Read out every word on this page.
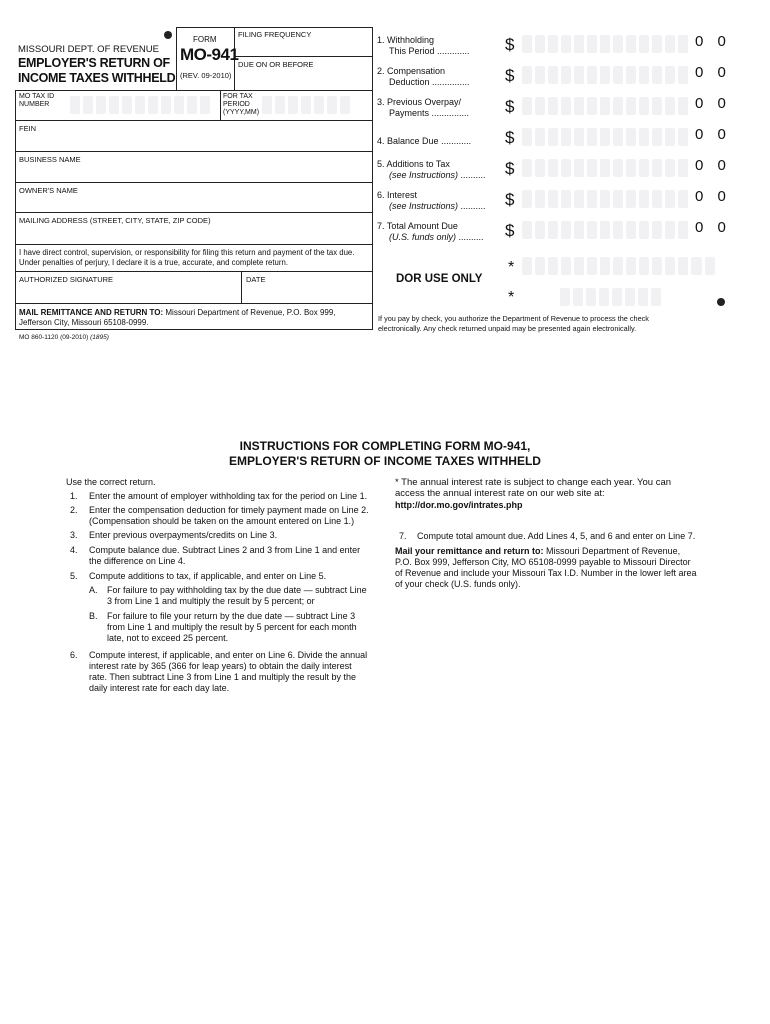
MISSOURI DEPT. OF REVENUE
EMPLOYER'S RETURN OF
INCOME TAXES WITHHELD
FORM
MO-941
(REV. 09-2010)
FILING FREQUENCY
DUE ON OR BEFORE
MO TAX ID
NUMBER
FOR TAX
PERIOD
(YYYY,MM)
FEIN
BUSINESS NAME
OWNER'S NAME
MAILING ADDRESS (STREET, CITY, STATE, ZIP CODE)
I have direct control, supervision, or responsibility for filing this return and payment of the tax due.
Under penalties of perjury, I declare it is a true, accurate, and complete return.
AUTHORIZED SIGNATURE	DATE
MAIL REMITTANCE AND RETURN TO: Missouri Department of Revenue, P.O. Box 999,
Jefferson City, Missouri 65108-0999.
MO 860-1120 (09-2010) (1895)
1. Withholding
This Period ............. $	0 0
2. Compensation
Deduction ............... $	0 0
3. Previous Overpay/
Payments ............... $	0 0
4. Balance Due ............ $	0 0
5. Additions to Tax
(see Instructions) .......... $	0 0
6. Interest
(see Instructions) .......... $	0 0
7. Total Amount Due
(U.S. funds only) .......... $	0 0
*
DOR USE ONLY
*
If you pay by check, you authorize the Department of Revenue to process the check
electronically. Any check returned unpaid may be presented again electronically.
INSTRUCTIONS FOR COMPLETING FORM MO-941,
EMPLOYER'S RETURN OF INCOME TAXES WITHHELD
Use the correct return.
1. Enter the amount of employer withholding tax for the period on Line 1.
2. Enter the compensation deduction for timely payment made on Line 2.
(Compensation should be taken on the amount entered on Line 1.)
3. Enter previous overpayments/credits on Line 3.
4. Compute balance due. Subtract Lines 2 and 3 from Line 1 and enter
the difference on Line 4.
5. Compute additions to tax, if applicable, and enter on Line 5.
A. For failure to pay withholding tax by the due date — subtract Line
3 from Line 1 and multiply the result by 5 percent; or
B. For failure to file your return by the due date — subtract Line 3
from Line 1 and multiply the result by 5 percent for each month
late, not to exceed 25 percent.
6. Compute interest, if applicable, and enter on Line 6. Divide the annual
interest rate by 365 (366 for leap years) to obtain the daily interest
rate. Then subtract Line 3 from Line 1 and multiply the result by the
daily interest rate for each day late.
* The annual interest rate is subject to change each year. You can
access the annual interest rate on our web site at:
http://dor.mo.gov/intrates.php
7. Compute total amount due. Add Lines 4, 5, and 6 and enter on Line 7.
Mail your remittance and return to: Missouri Department of Revenue,
P.O. Box 999, Jefferson City, MO 65108-0999 payable to Missouri Director
of Revenue and include your Missouri Tax I.D. Number in the lower left area
of your check (U.S. funds only).
